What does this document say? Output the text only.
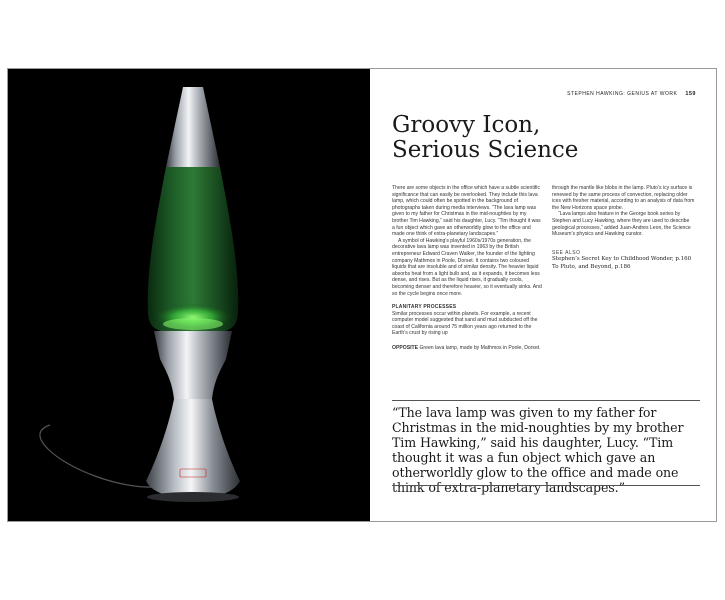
STEPHEN HAWKING: GENIUS AT WORK 159
Groovy Icon,
Serious Science

There are some objects in the office which have a subtle scientific significance that can easily be overlooked. They include this lava lamp, which could often be spotted in the background of photographs taken during media interviews. “The lava lamp was given to my father for Christmas in the mid-noughties by my brother Tim Hawking,” said his daughter, Lucy. “Tim thought it was a fun object which gave an otherworldly glow to the office and made one think of extra-planetary landscapes.”

A symbol of Hawking’s playful 1960s/1970s generation, the decorative lava lamp was invented in 1963 by the British entrepreneur Edward Craven Walker, the founder of the lighting company Mathmos in Poole, Dorset. It contains two coloured liquids that are insoluble and of similar density. The heavier liquid absorbs heat from a light bulb and, as it expands, it becomes less dense, and rises. But as the liquid rises, it gradually cools, becoming denser and therefore heavier, so it eventually sinks. And so the cycle begins once more.

PLANITARY PROCESSES

Similar processes occur within planets. For example, a recent computer model suggested that sand and mud subducted off the coast of California around 75 million years ago returned to the Earth’s crust by rising up

OPPOSITE Green lava lamp, made by Mathmos in Poole, Dorset.

through the mantle like blobs in the lamp. Pluto’s icy surface is renewed by the same process of convection, replacing older ices with fresher material, according to an analysis of data from the New Horizons space probe.

“Lava lamps also feature in the George book series by Stephen and Lucy Hawking, where they are used to describe geological processes,” added Juan-Andres Leon, the Science Museum’s physics and Hawking curator.

SEE ALSO

Stephen’s Secret Key to Childhood Wonder, p.160

To Pluto, and Beyond, p.186

“The lava lamp was given to my father for Christmas in the mid-noughties by my brother Tim Hawking,” said his daughter, Lucy. “Tim thought it was a fun object which gave an otherworldly glow to the office and made one think of extra-planetary landscapes.”
